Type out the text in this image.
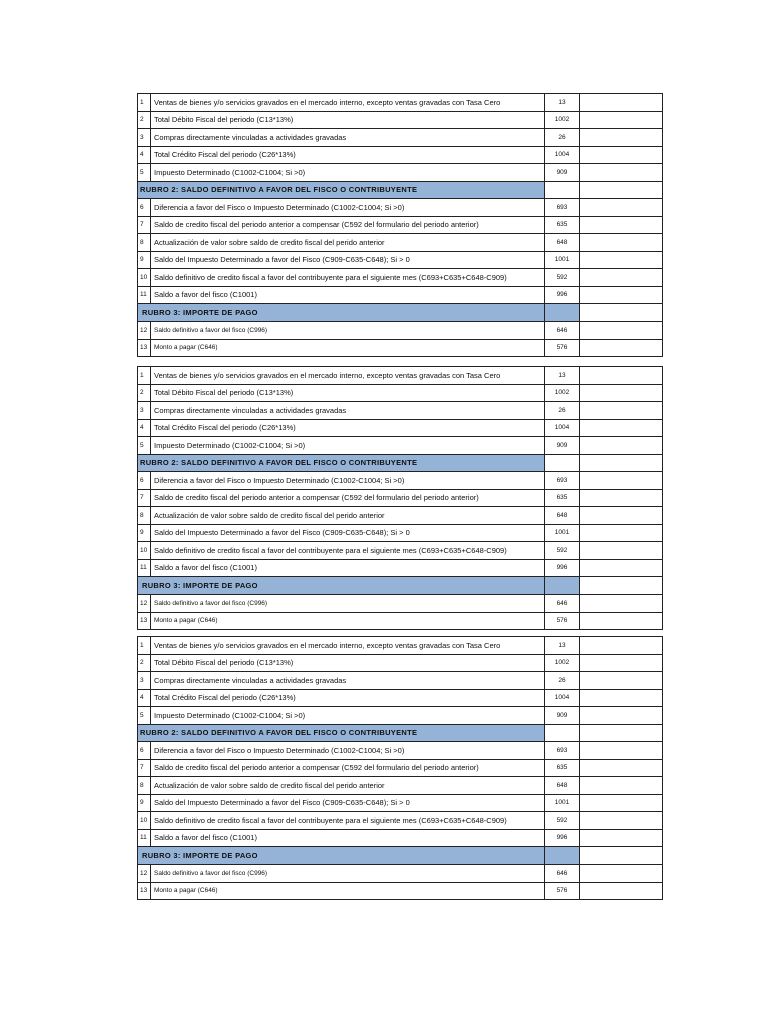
1	Ventas de bienes y/o servicios gravados en el mercado interno, excepto ventas gravadas con Tasa Cero	13	
2	Total Débito Fiscal del periodo (C13*13%)	1002	
3	Compras directamente vinculadas a actividades gravadas	26	
4	Total Crédito Fiscal del periodo (C26*13%)	1004	
5	Impuesto Determinado (C1002-C1004; Si >0)	909	
RUBRO 2: SALDO DEFINITIVO A FAVOR DEL FISCO O CONTRIBUYENTE			
6	Diferencia a favor del Fisco o Impuesto Determinado (C1002-C1004; Si >0)	693	
7	Saldo de credito fiscal del periodo anterior a compensar (C592 del formulario del periodo anterior)	635	
8	Actualización de valor sobre saldo de credito fiscal del perido anterior	648	
9	Saldo del Impuesto Determinado a favor del Fisco (C909-C635-C648); Si > 0	1001	
10	Saldo definitivo de credito fiscal a favor del contribuyente para el siguiente mes (C693+C635+C648-C909)	592	
11	Saldo a favor del fisco (C1001)	996	
RUBRO 3: IMPORTE DE PAGO			
12	Saldo definitivo a favor del fisco (C996)	646	
13	Monto a pagar (C646)	576	
1	Ventas de bienes y/o servicios gravados en el mercado interno, excepto ventas gravadas con Tasa Cero	13	
2	Total Débito Fiscal del periodo (C13*13%)	1002	
3	Compras directamente vinculadas a actividades gravadas	26	
4	Total Crédito Fiscal del periodo (C26*13%)	1004	
5	Impuesto Determinado (C1002-C1004; Si >0)	909	
RUBRO 2: SALDO DEFINITIVO A FAVOR DEL FISCO O CONTRIBUYENTE			
6	Diferencia a favor del Fisco o Impuesto Determinado (C1002-C1004; Si >0)	693	
7	Saldo de credito fiscal del periodo anterior a compensar (C592 del formulario del periodo anterior)	635	
8	Actualización de valor sobre saldo de credito fiscal del perido anterior	648	
9	Saldo del Impuesto Determinado a favor del Fisco (C909-C635-C648); Si > 0	1001	
10	Saldo definitivo de credito fiscal a favor del contribuyente para el siguiente mes (C693+C635+C648-C909)	592	
11	Saldo a favor del fisco (C1001)	996	
RUBRO 3: IMPORTE DE PAGO			
12	Saldo definitivo a favor del fisco (C996)	646	
13	Monto a pagar (C646)	576	
1	Ventas de bienes y/o servicios gravados en el mercado interno, excepto ventas gravadas con Tasa Cero	13	
2	Total Débito Fiscal del periodo (C13*13%)	1002	
3	Compras directamente vinculadas a actividades gravadas	26	
4	Total Crédito Fiscal del periodo (C26*13%)	1004	
5	Impuesto Determinado (C1002-C1004; Si >0)	909	
RUBRO 2: SALDO DEFINITIVO A FAVOR DEL FISCO O CONTRIBUYENTE			
6	Diferencia a favor del Fisco o Impuesto Determinado (C1002-C1004; Si >0)	693	
7	Saldo de credito fiscal del periodo anterior a compensar (C592 del formulario del periodo anterior)	635	
8	Actualización de valor sobre saldo de credito fiscal del perido anterior	648	
9	Saldo del Impuesto Determinado a favor del Fisco (C909-C635-C648); Si > 0	1001	
10	Saldo definitivo de credito fiscal a favor del contribuyente para el siguiente mes (C693+C635+C648-C909)	592	
11	Saldo a favor del fisco (C1001)	996	
RUBRO 3: IMPORTE DE PAGO			
12	Saldo definitivo a favor del fisco (C996)	646	
13	Monto a pagar (C646)	576	
